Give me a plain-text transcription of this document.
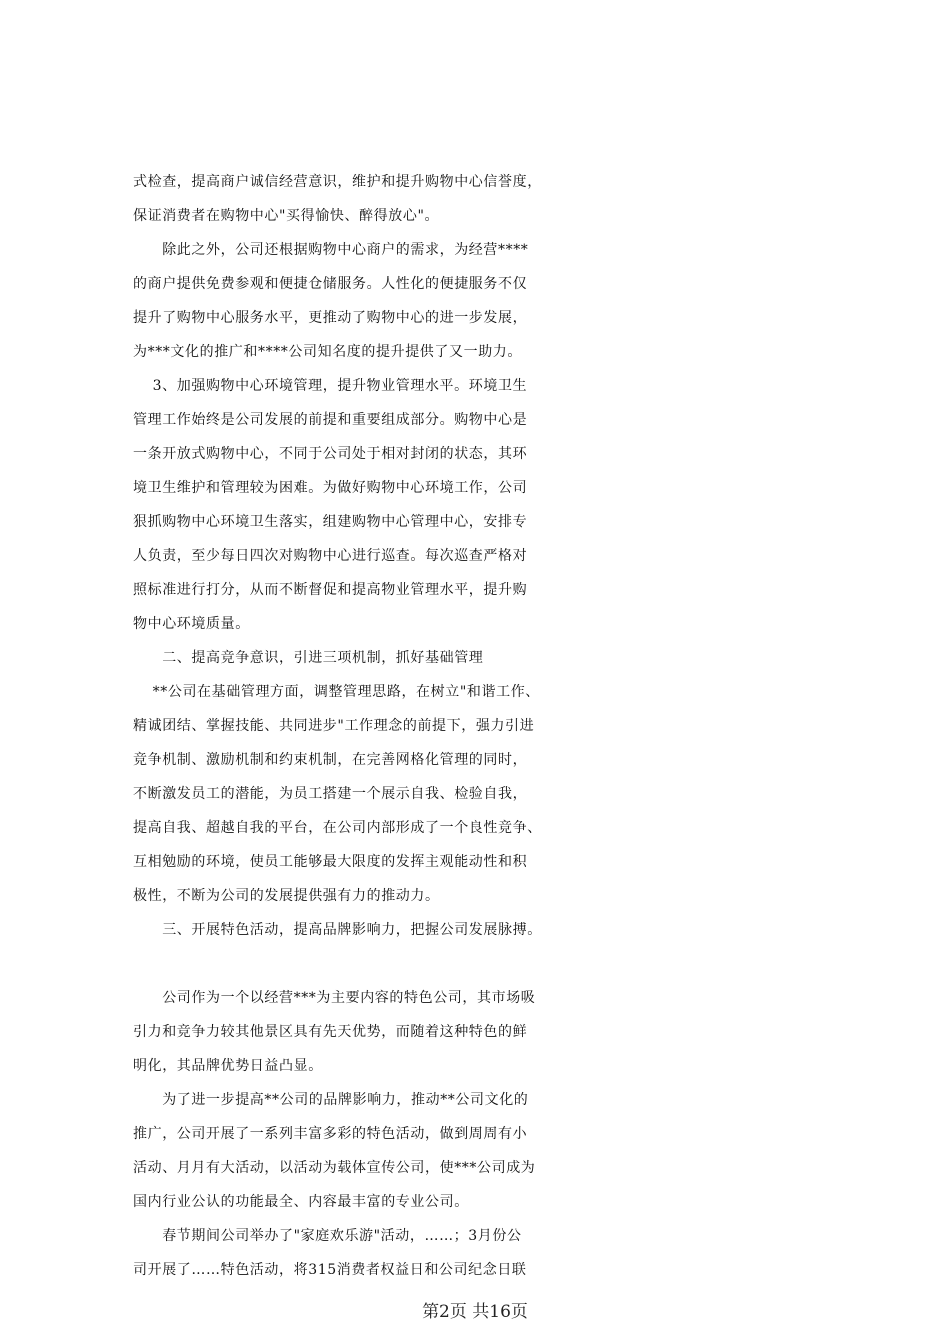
式检查，提高商户诚信经营意识，维护和提升购物中心信誉度，
保证消费者在购物中心"买得愉快、醉得放心"。
　　除此之外，公司还根据购物中心商户的需求，为经营****
的商户提供免费参观和便捷仓储服务。人性化的便捷服务不仅
提升了购物中心服务水平，更推动了购物中心的进一步发展，
为***文化的推广和****公司知名度的提升提供了又一助力。
　 3、加强购物中心环境管理，提升物业管理水平。环境卫生
管理工作始终是公司发展的前提和重要组成部分。购物中心是
一条开放式购物中心，不同于公司处于相对封闭的状态，其环
境卫生维护和管理较为困难。为做好购物中心环境工作，公司
狠抓购物中心环境卫生落实，组建购物中心管理中心，安排专
人负责，至少每日四次对购物中心进行巡查。每次巡查严格对
照标准进行打分，从而不断督促和提高物业管理水平，提升购
物中心环境质量。
　　二、提高竞争意识，引进三项机制，抓好基础管理
　 **公司在基础管理方面，调整管理思路，在树立"和谐工作、
精诚团结、掌握技能、共同进步"工作理念的前提下，强力引进
竞争机制、激励机制和约束机制，在完善网格化管理的同时，
不断激发员工的潜能，为员工搭建一个展示自我、检验自我，
提高自我、超越自我的平台，在公司内部形成了一个良性竞争、
互相勉励的环境，使员工能够最大限度的发挥主观能动性和积
极性，不断为公司的发展提供强有力的推动力。
　　三、开展特色活动，提高品牌影响力，把握公司发展脉搏。
　　公司作为一个以经营***为主要内容的特色公司，其市场吸
引力和竞争力较其他景区具有先天优势，而随着这种特色的鲜
明化，其品牌优势日益凸显。
　　为了进一步提高**公司的品牌影响力，推动**公司文化的
推广，公司开展了一系列丰富多彩的特色活动，做到周周有小
活动、月月有大活动，以活动为载体宣传公司，使***公司成为
国内行业公认的功能最全、内容最丰富的专业公司。
　　春节期间公司举办了"家庭欢乐游"活动，……；3月份公
司开展了……特色活动，将315消费者权益日和公司纪念日联
第2页 共16页
